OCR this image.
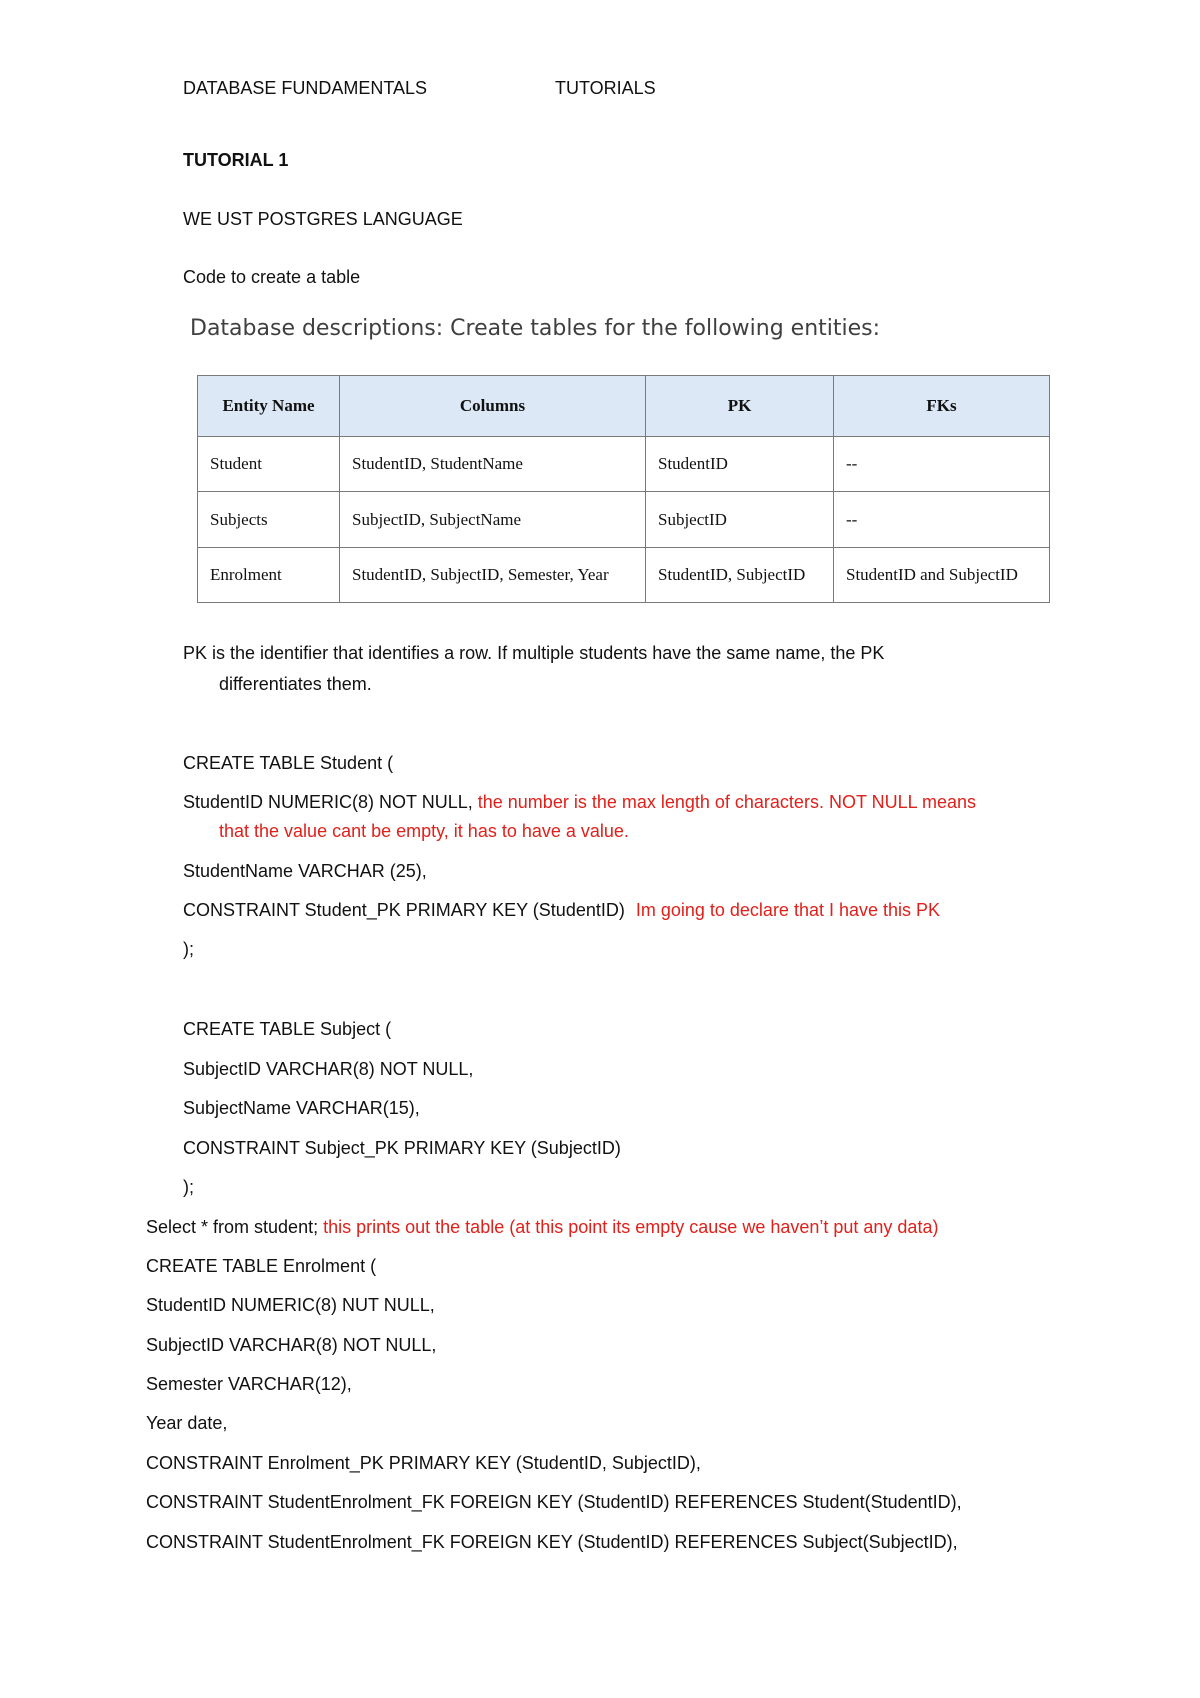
DATABASE FUNDAMENTALS	TUTORIALS
TUTORIAL 1
WE UST POSTGRES LANGUAGE
Code to create a table
Database descriptions: Create tables for the following entities:
Entity Name	Columns	PK	FKs
Student	StudentID, StudentName	StudentID	--
Subjects	SubjectID, SubjectName	SubjectID	--
Enrolment	StudentID, SubjectID, Semester, Year	StudentID, SubjectID	StudentID and SubjectID
PK is the identifier that identifies a row. If multiple students have the same name, the PK
differentiates them.
CREATE TABLE Student (
StudentID NUMERIC(8) NOT NULL, the number is the max length of characters. NOT NULL means
that the value cant be empty, it has to have a value.
StudentName VARCHAR (25),
CONSTRAINT Student_PK PRIMARY KEY (StudentID) Im going to declare that I have this PK
);
CREATE TABLE Subject (
SubjectID VARCHAR(8) NOT NULL,
SubjectName VARCHAR(15),
CONSTRAINT Subject_PK PRIMARY KEY (SubjectID)
);
Select * from student; this prints out the table (at this point its empty cause we haven’t put any data)
CREATE TABLE Enrolment (
StudentID NUMERIC(8) NUT NULL,
SubjectID VARCHAR(8) NOT NULL,
Semester VARCHAR(12),
Year date,
CONSTRAINT Enrolment_PK PRIMARY KEY (StudentID, SubjectID),
CONSTRAINT StudentEnrolment_FK FOREIGN KEY (StudentID) REFERENCES Student(StudentID),
CONSTRAINT StudentEnrolment_FK FOREIGN KEY (StudentID) REFERENCES Subject(SubjectID),
